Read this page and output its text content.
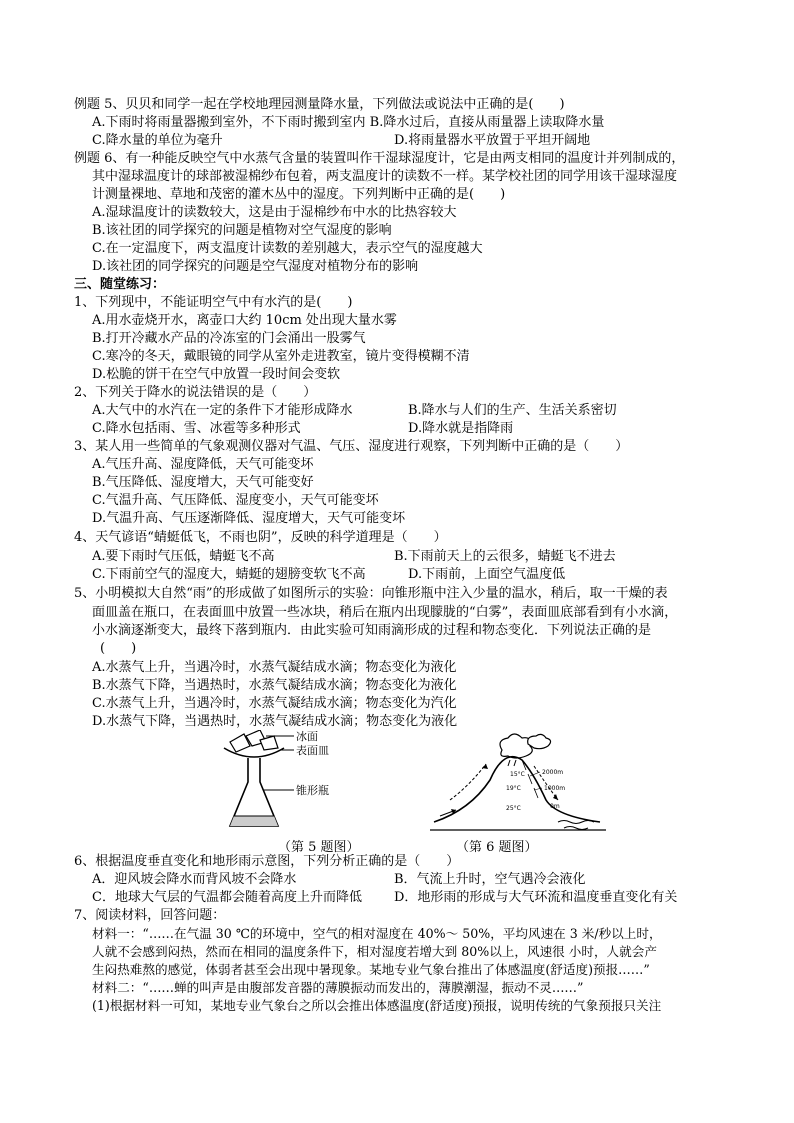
例题 5、贝贝和同学一起在学校地理园测量降水量，下列做法或说法中正确的是(　　)
A.下雨时将雨量器搬到室外，不下雨时搬到室内 B.降水过后，直接从雨量器上读取降水量
C.降水量的单位为毫升	D.将雨量器水平放置于平坦开阔地
例题 6、有一种能反映空气中水蒸气含量的装置叫作干湿球湿度计，它是由两支相同的温度计并列制成的，
其中湿球温度计的球部被湿棉纱布包着，两支温度计的读数不一样。某学校社团的同学用该干湿球湿度
计测量裸地、草地和茂密的灌木丛中的湿度。下列判断中正确的是(　　)
A.湿球温度计的读数较大，这是由于湿棉纱布中水的比热容较大
B.该社团的同学探究的问题是植物对空气湿度的影响
C.在一定温度下，两支温度计读数的差别越大，表示空气的湿度越大
D.该社团的同学探究的问题是空气湿度对植物分布的影响
三、随堂练习：
1、下列现中，不能证明空气中有水汽的是(　　)
A.用水壶烧开水，离壶口大约 10cm 处出现大量水雾
B.打开冷藏水产品的冷冻室的门会涌出一股雾气
C.寒冷的冬天，戴眼镜的同学从室外走进教室，镜片变得模糊不清
D.松脆的饼干在空气中放置一段时间会变软
2、下列关于降水的说法错误的是（　　）
A.大气中的水汽在一定的条件下才能形成降水	B.降水与人们的生产、生活关系密切
C.降水包括雨、雪、冰雹等多种形式	D.降水就是指降雨
3、某人用一些简单的气象观测仪器对气温、气压、湿度进行观察，下列判断中正确的是（　　）
A.气压升高、湿度降低，天气可能变坏
B.气压降低、湿度增大，天气可能变好
C.气温升高、气压降低、湿度变小，天气可能变坏
D.气温升高、气压逐渐降低、湿度增大，天气可能变坏
4、天气谚语“蜻蜓低飞，不雨也阴”，反映的科学道理是（　　）
A.要下雨时气压低，蜻蜓飞不高	B.下雨前天上的云很多，蜻蜓飞不进去
C.下雨前空气的湿度大，蜻蜓的翅膀变软飞不高	D.下雨前，上面空气温度低
5、小明模拟大自然“雨”的形成做了如图所示的实验：向锥形瓶中注入少量的温水，稍后，取一干燥的表
面皿盖在瓶口，在表面皿中放置一些冰块，稍后在瓶内出现朦胧的“白雾”，表面皿底部看到有小水滴，
小水滴逐渐变大，最终下落到瓶内．由此实验可知雨滴形成的过程和物态变化．下列说法正确的是
(　　)
A.水蒸气上升，当遇冷时，水蒸气凝结成水滴；物态变化为液化
B.水蒸气下降，当遇热时，水蒸气凝结成水滴；物态变化为液化
C.水蒸气上升，当遇冷时，水蒸气凝结成水滴；物态变化为汽化
D.水蒸气下降，当遇热时，水蒸气凝结成水滴；物态变化为液化
冰面
表面皿
锥形瓶
（第 5 题图）
15°C
19°C
25°C
2000m
1000m
0m
（第 6 题图）
6、根据温度垂直变化和地形雨示意图，下列分析正确的是（　　）
A．迎风坡会降水而背风坡不会降水	B．气流上升时，空气遇冷会液化
C．地球大气层的气温都会随着高度上升而降低 D．地形雨的形成与大气环流和温度垂直变化有关
7、阅读材料，回答问题：
材料一：“……在气温 30 ℃的环境中，空气的相对湿度在 40%～ 50%，平均风速在 3 米/秒以上时，
人就不会感到闷热，然而在相同的温度条件下，相对湿度若增大到 80%以上，风速很 小时，人就会产
生闷热难熬的感觉，体弱者甚至会出现中暑现象。某地专业气象台推出了体感温度(舒适度)预报……”
材料二：“……蝉的叫声是由腹部发音器的薄膜振动而发出的，薄膜潮湿，振动不灵……”
(1)根据材料一可知，某地专业气象台之所以会推出体感温度(舒适度)预报，说明传统的气象预报只关注
